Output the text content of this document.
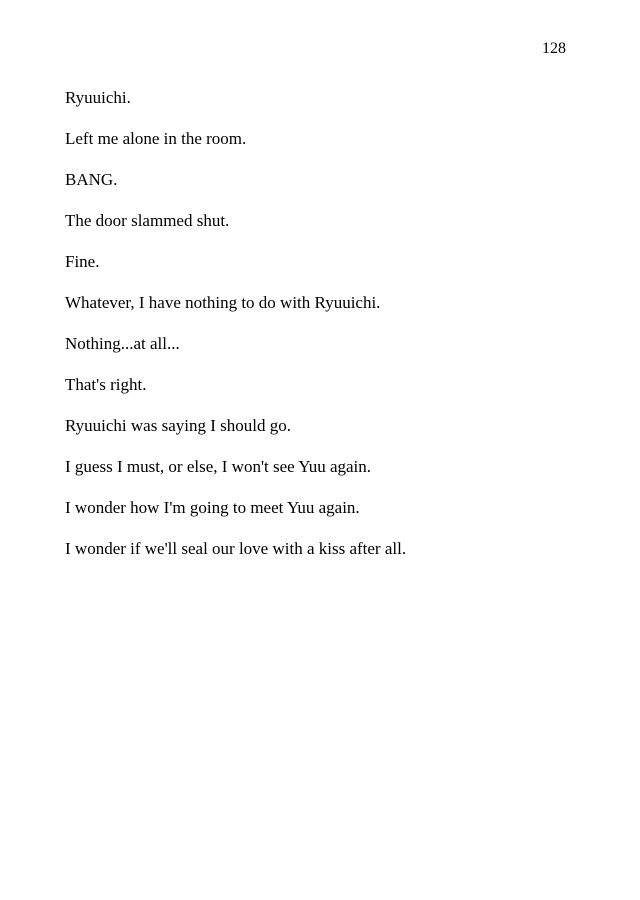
128

Ryuuichi.

Left me alone in the room.

BANG.

The door slammed shut.

Fine.

Whatever, I have nothing to do with Ryuuichi.

Nothing...at all...

That's right.

Ryuuichi was saying I should go.

I guess I must, or else, I won't see Yuu again.

I wonder how I'm going to meet Yuu again.

I wonder if we'll seal our love with a kiss after all.
